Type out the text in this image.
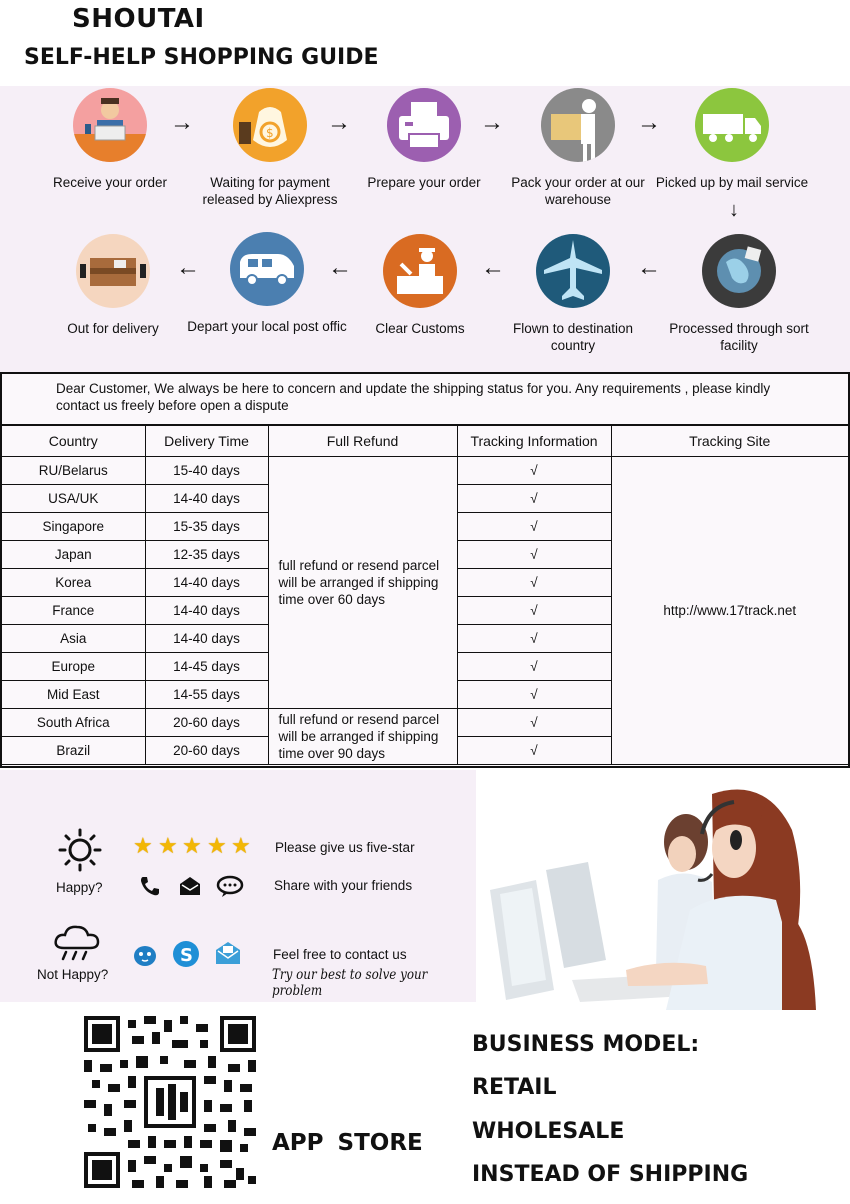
SHOUTAI
SELF-HELP SHOPPING GUIDE
Receive your order
→	$
Waiting for payment released by Aliexpress
→
Prepare your order
→
Pack your order at our warehouse
→
Picked up by mail service
↓
Out for delivery
←
Depart your local post offic
←
Clear Customs
←
Flown to destination country
←
Processed through sort facility
Dear Customer, We always be here to concern and update the shipping status for you. Any requirements , please kindly contact us freely before open a dispute
Country	Delivery Time	Full Refund	Tracking Information	Tracking Site
RU/Belarus	15-40 days	full refund or resend parcel will be arranged if shipping time over 60 days	√	http://www.17track.net
USA/UK	14-40 days		√	
Singapore	15-35 days		√	
Japan	12-35 days		√	
Korea	14-40 days		√	
France	14-40 days		√	
Asia	14-40 days		√	
Europe	14-45 days		√	
Mid East	14-55 days		√	
South Africa	20-60 days	full refund or resend parcel will be arranged if shipping time over 90 days	√	
Brazil	20-60 days		√	
Happy?
★ ★ ★ ★ ★ Please give us five-star
Share with your friends
Not Happy?
S	Feel free to contact us
Try our best to solve your problem
APP STORE
BUSINESS MODEL:
RETAIL
WHOLESALE
INSTEAD OF SHIPPING
